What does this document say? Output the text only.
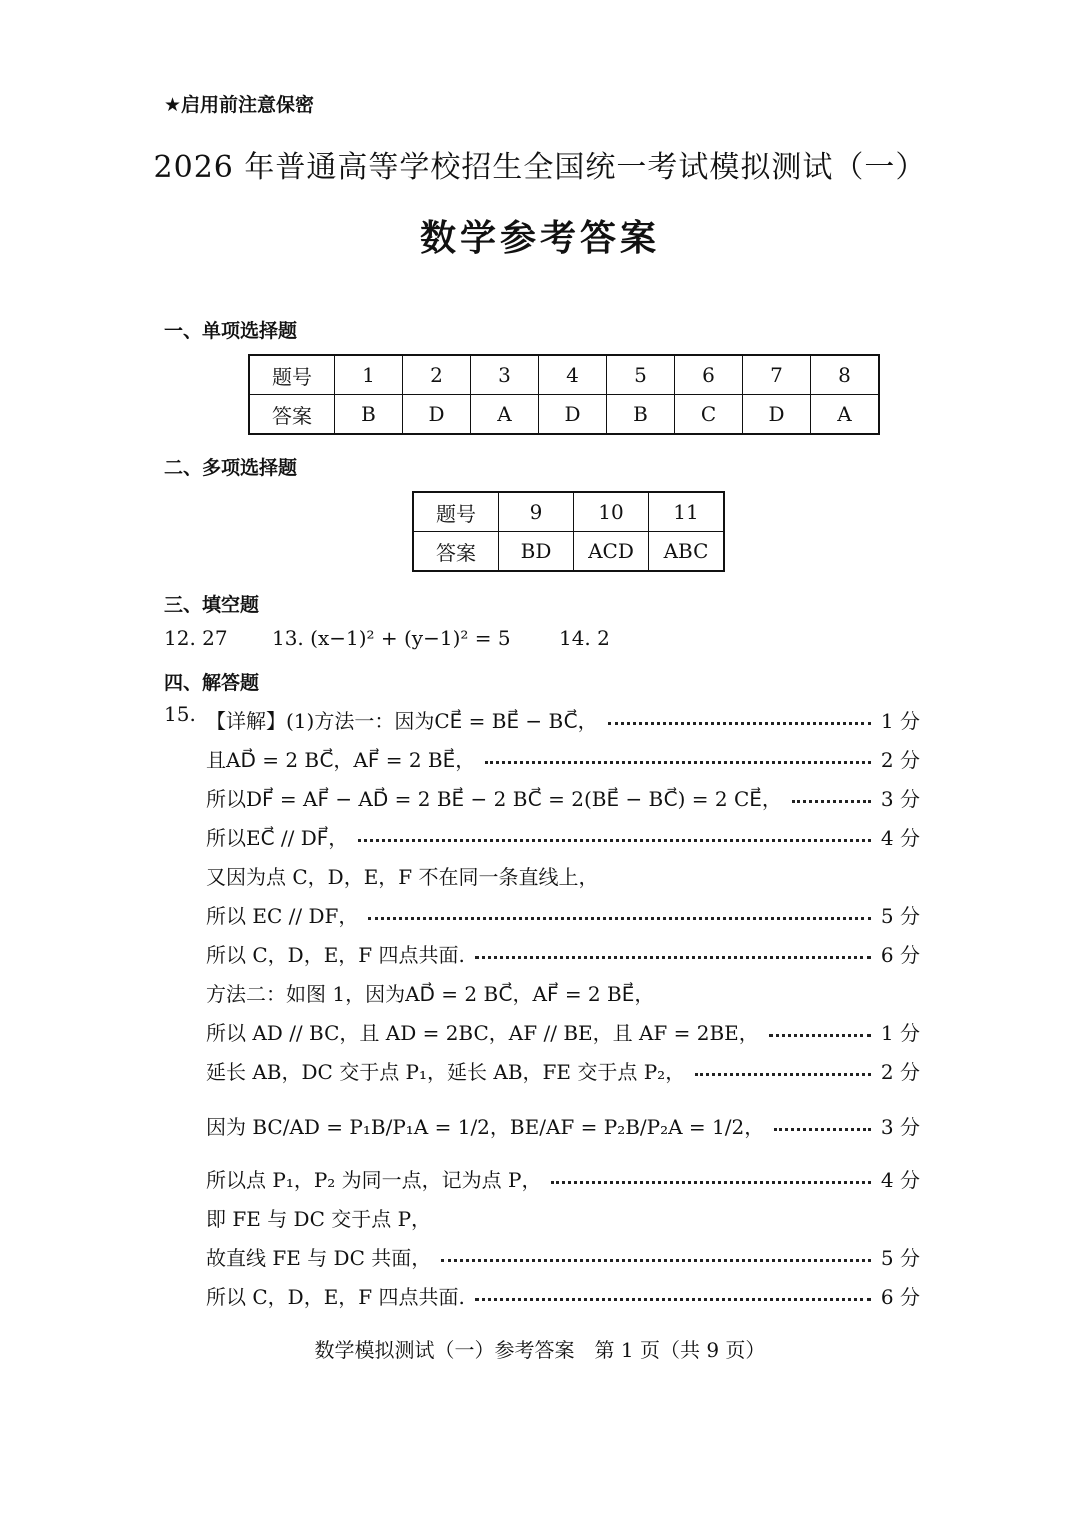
★启用前注意保密
2026 年普通高等学校招生全国统一考试模拟测试（一）
数学参考答案
一、单项选择题
题号	1	2	3	4	5	6	7	8
答案	B	D	A	D	B	C	D	A
二、多项选择题
题号	9	10	11
答案	BD	ACD	ABC
三、填空题
12. 27 13. (x−1)² + (y−1)² = 5 14. 2
四、解答题
15. 【详解】(1)方法一：因为CE⃗ = BE⃗ − BC⃗，	1 分
且AD⃗ = 2 BC⃗，AF⃗ = 2 BE⃗，	2 分
所以DF⃗ = AF⃗ − AD⃗ = 2 BE⃗ − 2 BC⃗ = 2(BE⃗ − BC⃗) = 2 CE⃗，	3 分
所以EC⃗ // DF⃗，	4 分
又因为点 C，D，E，F 不在同一条直线上，
所以 EC // DF，	5 分
所以 C，D，E，F 四点共面.	6 分
方法二：如图 1，因为AD⃗ = 2 BC⃗，AF⃗ = 2 BE⃗，
所以 AD // BC，且 AD = 2BC，AF // BE，且 AF = 2BE，	1 分
延长 AB，DC 交于点 P₁，延长 AB，FE 交于点 P₂，	2 分
因为 BC/AD = P₁B/P₁A = 1/2，BE/AF = P₂B/P₂A = 1/2，	3 分
所以点 P₁，P₂ 为同一点，记为点 P，	4 分
即 FE 与 DC 交于点 P，
故直线 FE 与 DC 共面，	5 分
所以 C，D，E，F 四点共面.	6 分
数学模拟测试（一）参考答案　第 1 页（共 9 页）
